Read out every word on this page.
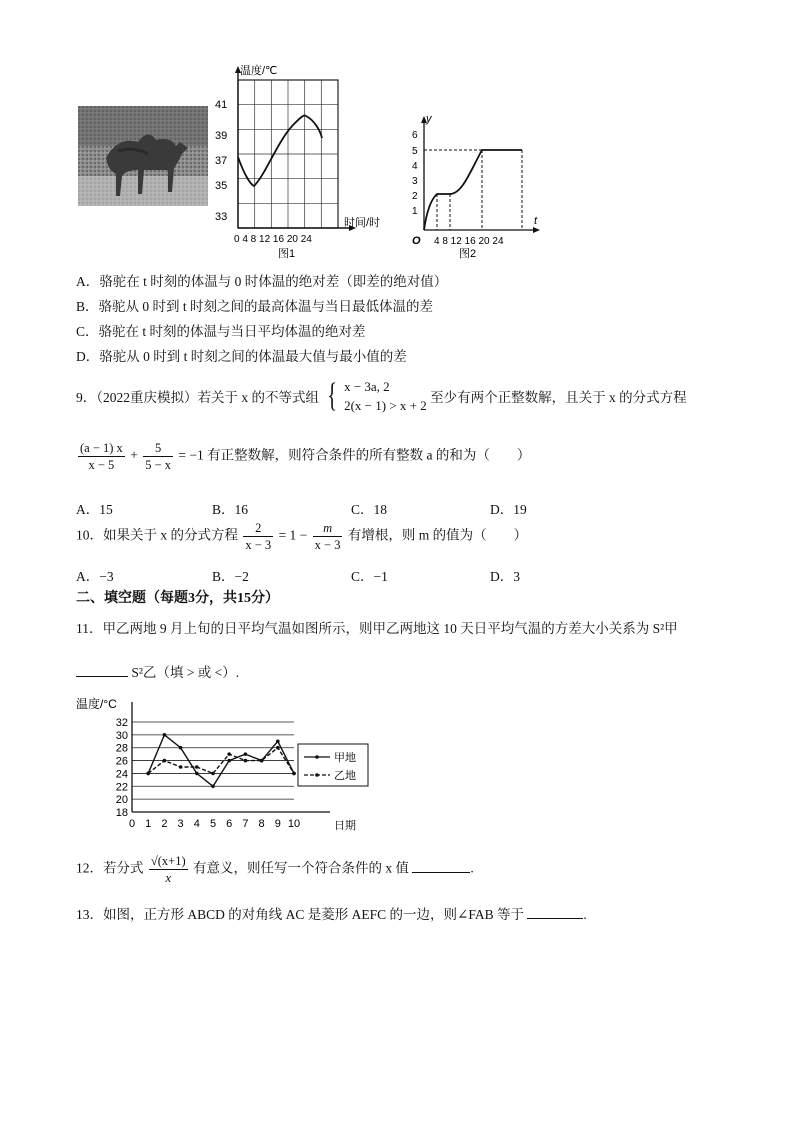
温度/℃
41
39
37
35
33
0 4 8 12 16 20 24
时间/时
图1
y
6
5
4
3
2
1
O 4 8 12 16 20 24
t
图2
A．骆驼在 t 时刻的体温与 0 时体温的绝对差（即差的绝对值）
B．骆驼从 0 时到 t 时刻之间的最高体温与当日最低体温的差
C．骆驼在 t 时刻的体温与当日平均体温的绝对差
D．骆驼从 0 时到 t 时刻之间的体温最大值与最小值的差
9．（2022重庆模拟）若关于 x 的不等式组 { x − 3a, 2
2(x − 1) > x + 2
至少有两个正整数解，且关于 x 的分式方程
$\frac{(a - 1) x}{x - 5} + \frac{5}{5 - x} = -1$ 有正整数解，则符合条件的所有整数 a 的和为（　　）
A．15	B．16	C．18	D．19
10．如果关于 x 的分式方程 $\frac{2}{x - 3} = 1 - \frac{m}{x - 3}$ 有增根，则 m 的值为（　　）
A．−3	B．−2	C．−1	D．3
二、填空题（每题3分，共15分）
11．甲乙两地 9 月上旬的日平均气温如图所示，则甲乙两地这 10 天日平均气温的方差大小关系为 S²甲
S²乙（填 > 或 <）.
18
20
22
24
26
28
30
32
0 1 2 3 4 5 6 7 8 9 10
温度/°C
日期
甲地
乙地
12．若分式 $\frac{√(x+1)}{x}$ 有意义，则任写一个符合条件的 x 值	.
13．如图，正方形 ABCD 的对角线 AC 是菱形 AEFC 的一边，则∠FAB 等于	.
